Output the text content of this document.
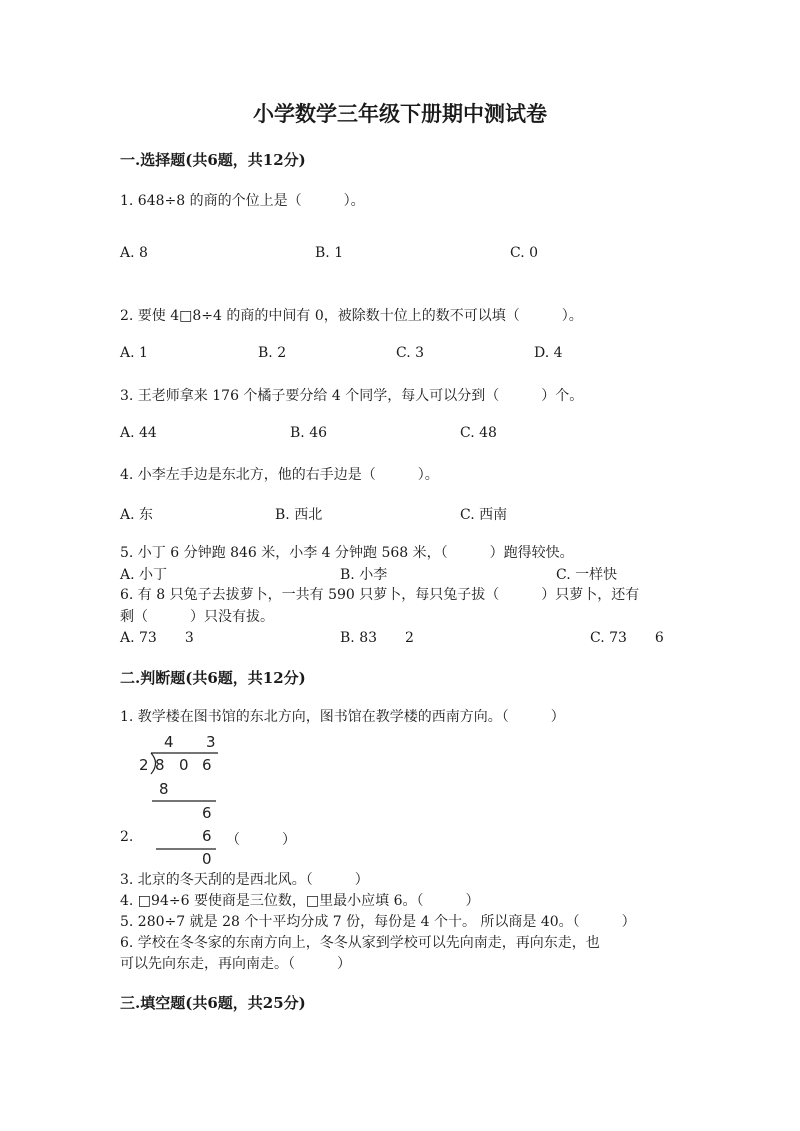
小学数学三年级下册期中测试卷
一.选择题(共6题，共12分)
1. 648÷8 的商的个位上是（　　　）。
A. 8	B. 1	C. 0
2. 要使 4□8÷4 的商的中间有 0，被除数十位上的数不可以填（　　　）。
A. 1	B. 2	C. 3	D. 4
3. 王老师拿来 176 个橘子要分给 4 个同学，每人可以分到（　　　）个。
A. 44	B. 46	C. 48
4. 小李左手边是东北方，他的右手边是（　　　）。
A. 东	B. 西北	C. 西南
5. 小丁 6 分钟跑 846 米，小李 4 分钟跑 568 米，（　　　）跑得较快。
A. 小丁	B. 小李	C. 一样快
6. 有 8 只兔子去拔萝卜，一共有 590 只萝卜，每只兔子拔（　　　）只萝卜，还有
剩（　　　）只没有拔。
A. 73　　3	B. 83　　2	C. 73　　6
二.判断题(共6题，共12分)
1. 教学楼在图书馆的东北方向，图书馆在教学楼的西南方向。（　　　）
4 3
2 8 0 6
8
6
6
0
2.	（　　　）
3. 北京的冬天刮的是西北风。（　　　）
4. □94÷6 要使商是三位数，□里最小应填 6。（　　　）
5. 280÷7 就是 28 个十平均分成 7 份，每份是 4 个十。 所以商是 40。（　　　）
6. 学校在冬冬家的东南方向上，冬冬从家到学校可以先向南走，再向东走，也
可以先向东走，再向南走。（　　　）
三.填空题(共6题，共25分)
